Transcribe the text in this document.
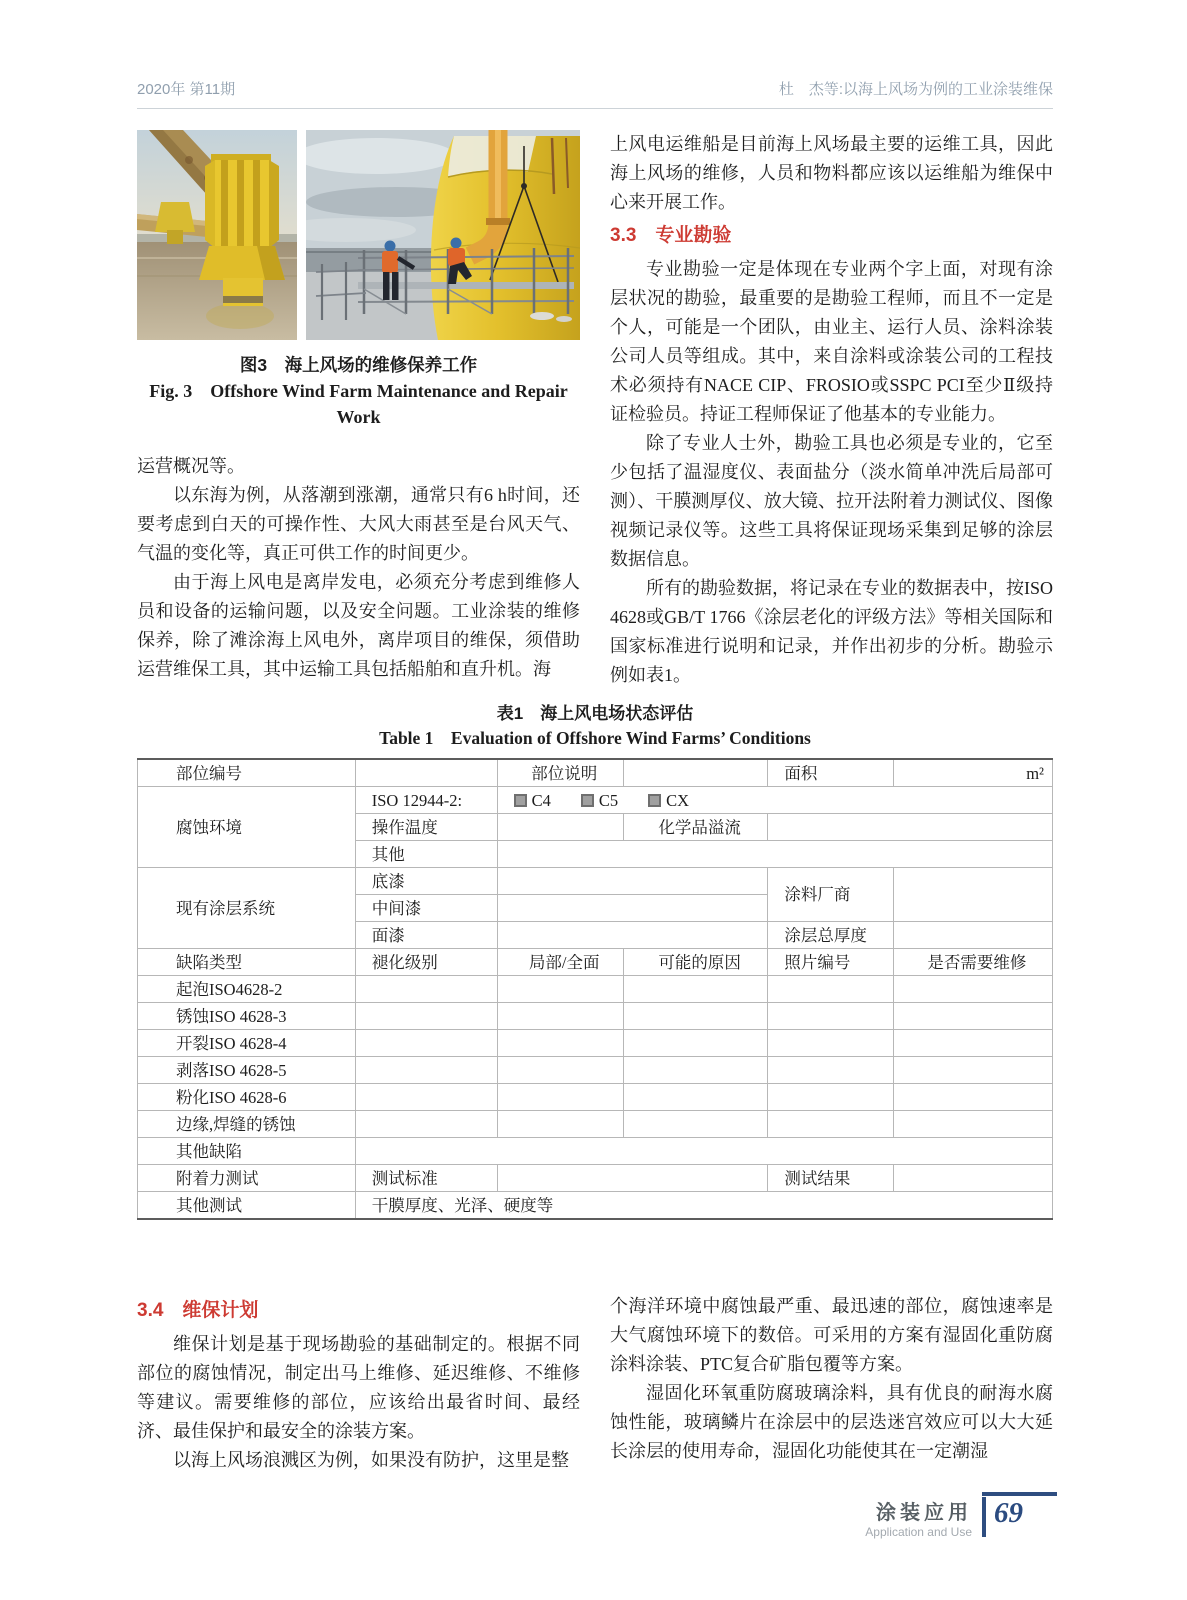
2020年 第11期	杜　杰等:以海上风场为例的工业涂装维保
图3　海上风场的维修保养工作
Fig. 3　Offshore Wind Farm Maintenance and Repair
Work

运营概况等。

以东海为例，从落潮到涨潮，通常只有6 h时间，还要考虑到白天的可操作性、大风大雨甚至是台风天气、气温的变化等，真正可供工作的时间更少。

由于海上风电是离岸发电，必须充分考虑到维修人员和设备的运输问题，以及安全问题。工业涂装的维修保养，除了滩涂海上风电外，离岸项目的维保，须借助运营维保工具，其中运输工具包括船舶和直升机。海

上风电运维船是目前海上风场最主要的运维工具，因此海上风场的维修，人员和物料都应该以运维船为维保中心来开展工作。

3.3　专业勘验

专业勘验一定是体现在专业两个字上面，对现有涂层状况的勘验，最重要的是勘验工程师，而且不一定是个人，可能是一个团队，由业主、运行人员、涂料涂装公司人员等组成。其中，来自涂料或涂装公司的工程技术必须持有NACE CIP、FROSIO或SSPC PCI至少Ⅱ级持证检验员。持证工程师保证了他基本的专业能力。

除了专业人士外，勘验工具也必须是专业的，它至少包括了温湿度仪、表面盐分（淡水简单冲洗后局部可测）、干膜测厚仪、放大镜、拉开法附着力测试仪、图像视频记录仪等。这些工具将保证现场采集到足够的涂层数据信息。

所有的勘验数据，将记录在专业的数据表中，按ISO 4628或GB/T 1766《涂层老化的评级方法》等相关国际和国家标准进行说明和记录，并作出初步的分析。勘验示例如表1。

表1　海上风电场状态评估
Table 1　Evaluation of Offshore Wind Farms’ Conditions
部位编号		部位说明		面积	m²
腐蚀环境	ISO 12944-2:	C4 C5 CX			
	操作温度		化学品溢流		
	其他				
现有涂层系统	底漆			涂料厂商	
	中间漆				
	面漆			涂层总厚度	
缺陷类型	褪化级别	局部/全面	可能的原因	照片编号	是否需要维修
起泡ISO4628-2					
锈蚀ISO 4628-3					
开裂ISO 4628-4					
剥落ISO 4628-5					
粉化ISO 4628-6					
边缘,焊缝的锈蚀					
其他缺陷					
附着力测试	测试标准			测试结果	
其他测试	干膜厚度、光泽、硬度等				
3.4　维保计划

维保计划是基于现场勘验的基础制定的。根据不同部位的腐蚀情况，制定出马上维修、延迟维修、不维修等建议。需要维修的部位，应该给出最省时间、最经济、最佳保护和最安全的涂装方案。

以海上风场浪溅区为例，如果没有防护，这里是整

个海洋环境中腐蚀最严重、最迅速的部位，腐蚀速率是大气腐蚀环境下的数倍。可采用的方案有湿固化重防腐涂料涂装、PTC复合矿脂包覆等方案。

湿固化环氧重防腐玻璃涂料，具有优良的耐海水腐蚀性能，玻璃鳞片在涂层中的层迭迷宫效应可以大大延长涂层的使用寿命，湿固化功能使其在一定潮湿

涂装应用
Application and Use
69
